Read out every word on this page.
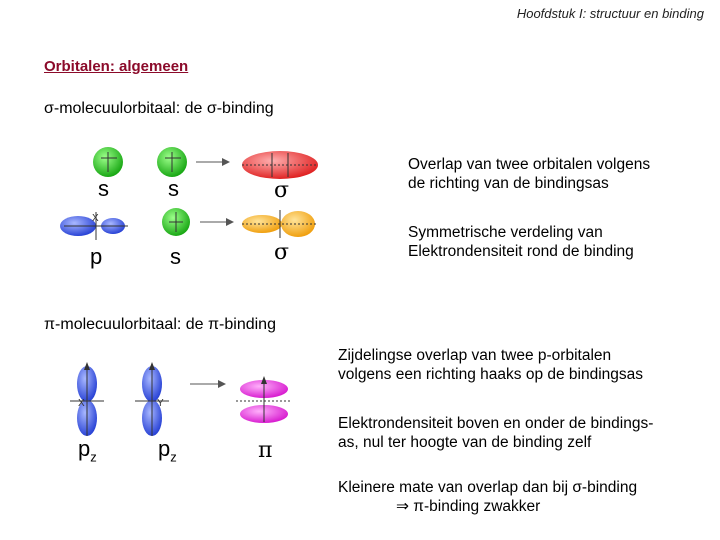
Hoofdstuk I: structuur en binding
Orbitalen: algemeen
σ-molecuulorbitaal: de σ-binding
X
X	Y
s	s	σ
p	s	σ
Overlap van twee orbitalen volgens
de richting van de bindingsas
Symmetrische verdeling van
Elektrondensiteit rond de binding
π-molecuulorbitaal: de π-binding
$p_z$	$p_z$	π
Zijdelingse overlap van twee p-orbitalen
volgens een richting haaks op de bindingsas
Elektrondensiteit boven en onder de bindings-
as, nul ter hoogte van de binding zelf
Kleinere mate van overlap dan bij σ-binding
⇒ π-binding zwakker
